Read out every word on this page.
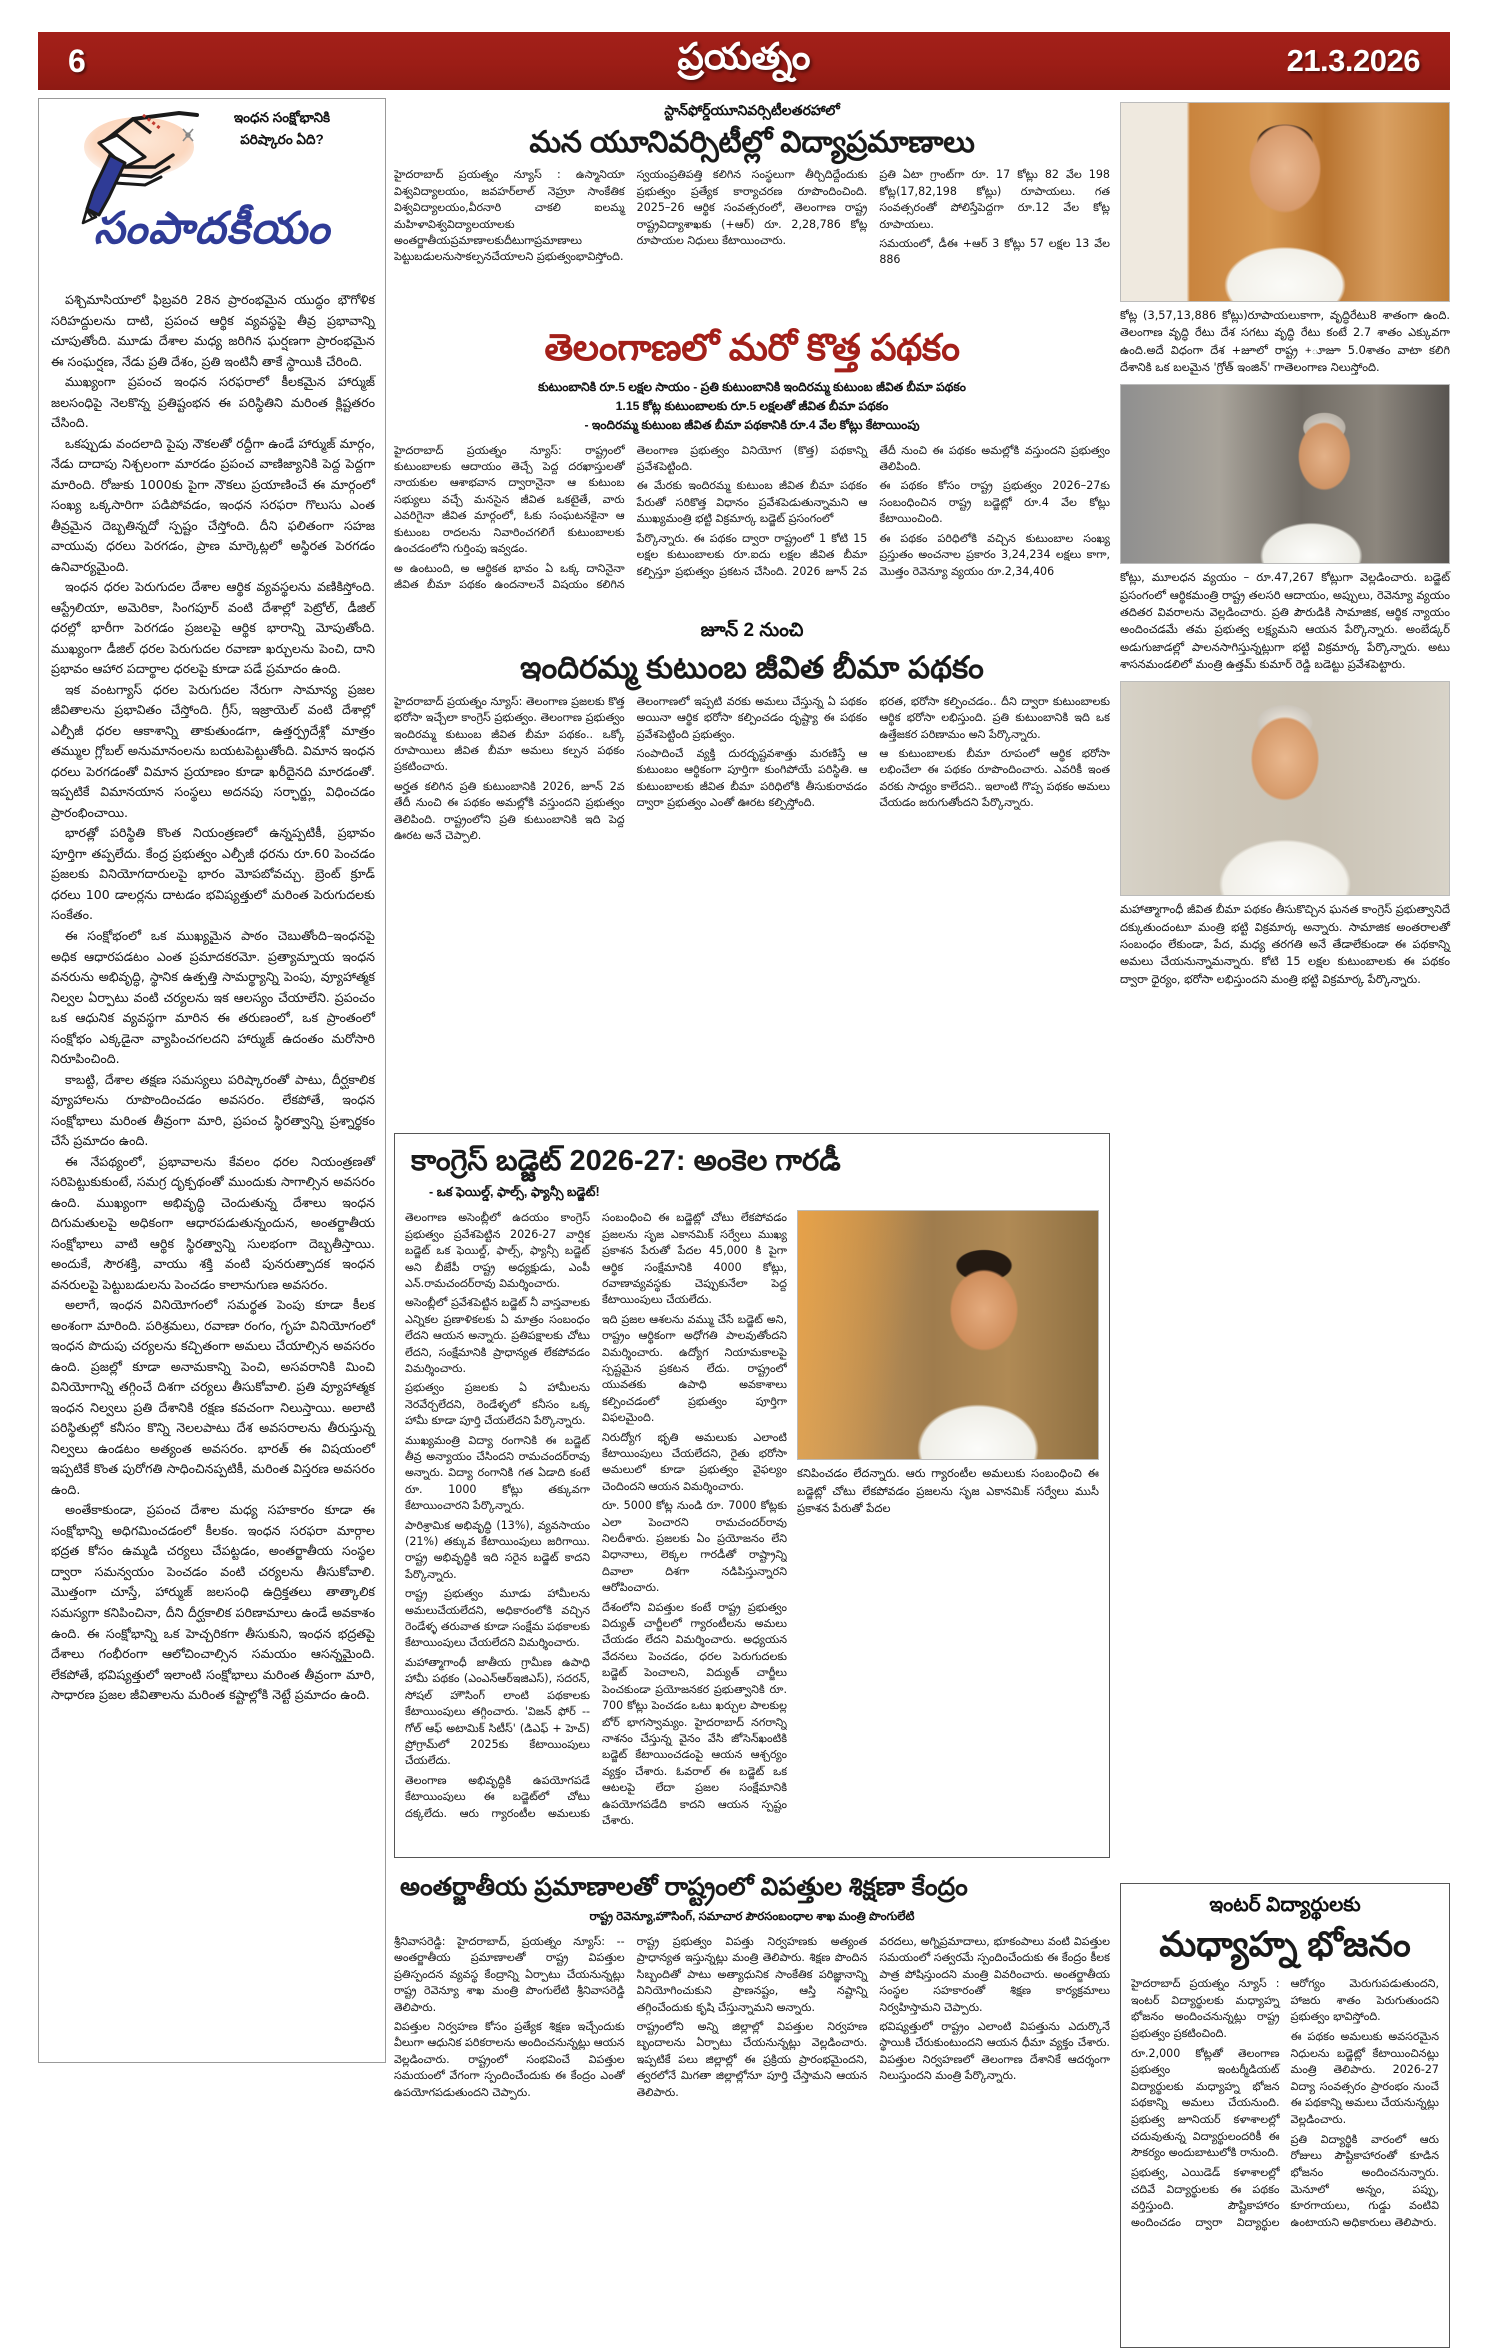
6	ప్రయత్నం	21.3.2026
ఇంధన సంక్షోభానికి
పరిష్కారం ఏది?
సంపాదకీయం

పశ్చిమాసియాలో ఫిబ్రవరి 28న ప్రారంభమైన యుద్ధం భౌగోళిక సరిహద్దులను దాటి, ప్రపంచ ఆర్థిక వ్యవస్థపై తీవ్ర ప్రభావాన్ని చూపుతోంది. మూడు దేశాల మధ్య జరిగిన ఘర్షణగా ప్రారంభమైన ఈ సంఘర్షణ, నేడు ప్రతి దేశం, ప్రతి ఇంటినీ తాకే స్థాయికి చేరింది.

ముఖ్యంగా ప్రపంచ ఇంధన సరఫరాలో కీలకమైన హార్ముజ్ జలసంధిపై నెలకొన్న ప్రతిష్టంభన ఈ పరిస్థితిని మరింత క్లిష్టతరం చేసింది.

ఒకప్పుడు వందలాది పైపు నౌకలతో రద్దీగా ఉండే హార్ముజ్ మార్గం, నేడు దాదాపు నిశ్చలంగా మారడం ప్రపంచ వాణిజ్యానికి పెద్ద పెద్దగా మారింది. రోజుకు 1000కు పైగా నౌకలు ప్రయాణించే ఈ మార్గంలో సంఖ్య ఒక్కసారిగా పడిపోవడం, ఇంధన సరఫరా గొలుసు ఎంత తీవ్రమైన దెబ్బతిన్నదో స్పష్టం చేస్తోంది. దీని ఫలితంగా సహజ వాయువు ధరలు పెరగడం, ప్రాణ మార్కెట్లలో అస్థిరత పెరగడం ఉనివార్యమైంది.

ఇంధన ధరల పెరుగుదల దేశాల ఆర్థిక వ్యవస్థలను వణికిస్తోంది. ఆస్ట్రేలియా, అమెరికా, సింగపూర్ వంటి దేశాల్లో పెట్రోల్, డీజిల్ ధరల్లో భారీగా పెరగడం ప్రజలపై ఆర్థిక భారాన్ని మోపుతోంది. ముఖ్యంగా డీజిల్ ధరల పెరుగుదల రవాణా ఖర్చులను పెంచి, దాని ప్రభావం ఆహార పదార్థాల ధరలపై కూడా పడే ప్రమాదం ఉంది.

ఇక వంటగ్యాస్ ధరల పెరుగుదల నేరుగా సామాన్య ప్రజల జీవితాలను ప్రభావితం చేస్తోంది. గ్రీస్, ఇజ్రాయెల్ వంటి దేశాల్లో ఎల్పీజీ ధరల ఆకాశాన్ని తాకుతుండగా, ఉత్తర్ప్రదేశ్లో మాత్రం తమ్ముల గ్లోబల్ అనుమానంలను బయటపెట్టుతోంది. విమాన ఇంధన ధరలు పెరగడంతో విమాన ప్రయాణం కూడా ఖరీదైనది మారడంతో. ఇప్పటికే విమానయాన సంస్థలు అదనపు సర్ఛార్జ్లు విధించడం ప్రారంభించాయి.

భారత్లో పరిస్థితి కొంత నియంత్రణలో ఉన్నప్పటికీ, ప్రభావం పూర్తిగా తప్పలేదు. కేంద్ర ప్రభుత్వం ఎల్పీజీ ధరను రూ.60 పెంచడం ప్రజలకు వినియోగదారులపై భారం మోపబోవచ్చు. బ్రెంట్ క్రూడ్ ధరలు 100 డాలర్లను దాటడం భవిష్యత్తులో మరింత పెరుగుదలకు సంకేతం.

ఈ సంక్షోభంలో ఒక ముఖ్యమైన పాఠం చెబుతోంది–ఇంధనపై అధిక ఆధారపడటం ఎంత ప్రమాదకరమో. ప్రత్యామ్నాయ ఇంధన వనరును అభివృద్ధి, స్థానిక ఉత్పత్తి సామర్థ్యాన్ని పెంపు, వ్యూహాత్మక నిల్వల ఏర్పాటు వంటి చర్యలను ఇక ఆలస్యం చేయాలేని. ప్రపంచం ఒక ఆధునిక వ్యవస్థగా మారిన ఈ తరుణంలో, ఒక ప్రాంతంలో సంక్షోభం ఎక్కడైనా వ్యాపించగలదని హార్ముజ్ ఉదంతం మరోసారి నిరూపించింది.

కాబట్టి, దేశాల తక్షణ సమస్యలు పరిష్కారంతో పాటు, దీర్ఘకాలిక వ్యూహాలను రూపొందించడం అవసరం. లేకపోతే, ఇంధన సంక్షోభాలు మరింత తీవ్రంగా మారి, ప్రపంచ స్థిరత్వాన్ని ప్రశ్నార్థకం చేసే ప్రమాదం ఉంది.

ఈ నేపథ్యంలో, ప్రభావాలను కేవలం ధరల నియంత్రణతో సరిపెట్టుకుకుంటే, సమగ్ర దృక్పథంతో ముందుకు సాగాల్సిన అవసరం ఉంది. ముఖ్యంగా అభివృద్ధి చెందుతున్న దేశాలు ఇంధన దిగుమతులపై అధికంగా ఆధారపడుతున్నందున, అంతర్జాతీయ సంక్షోభాలు వాటి ఆర్థిక స్థిరత్వాన్ని సులభంగా దెబ్బతీస్తాయి. అందుకే, సౌరశక్తి, వాయు శక్తి వంటి పునరుత్పాదక ఇంధన వనరులపై పెట్టుబడులను పెంచడం కాలానుగుణ అవసరం.

అలాగే, ఇంధన వినియోగంలో సమర్థత పెంపు కూడా కీలక అంశంగా మారింది. పరిశ్రమలు, రవాణా రంగం, గృహ వినియోగంలో ఇంధన పొదుపు చర్యలను కచ్చితంగా అమలు చేయాల్సిన అవసరం ఉంది. ప్రజల్లో కూడా అనామకాన్ని పెంచి, అసవరానికి మించి వినియోగాన్ని తగ్గించే దిశగా చర్యలు తీసుకోవాలి. ప్రతి వ్యూహాత్మక ఇంధన నిల్వలు ప్రతి దేశానికి రక్షణ కవచంగా నిలుస్తాయి. అలాటి పరిస్థితుల్లో కనీసం కొన్ని నెలలపాటు దేశ అవసరాలను తీరుస్తున్న నిల్వలు ఉండటం అత్యంత అవసరం. భారత్ ఈ విషయంలో ఇప్పటికే కొంత పురోగతి సాధించినప్పటికీ, మరింత విస్తరణ అవసరం ఉంది.

అంతేకాకుండా, ప్రపంచ దేశాల మధ్య సహకారం కూడా ఈ సంక్షోభాన్ని అధిగమించడంలో కీలకం. ఇంధన సరఫరా మార్గాల భద్రత కోసం ఉమ్మడి చర్యలు చేపట్టడం, అంతర్జాతీయ సంస్థల ద్వారా సమన్వయం పెంచడం వంటి చర్యలను తీసుకోవాలి. మొత్తంగా చూస్తే, హార్ముజ్ జలసంధి ఉద్రిక్తతలు తాత్కాలిక సమస్యగా కనిపించినా, దీని దీర్ఘకాలిక పరిణామాలు ఉండే అవకాశం ఉంది. ఈ సంక్షోభాన్ని ఒక హెచ్చరికగా తీసుకుని, ఇంధన భద్రతపై దేశాలు గంభీరంగా ఆలోచించాల్సిన సమయం ఆసన్నమైంది. లేకపోతే, భవిష్యత్తులో ఇలాంటి సంక్షోభాలు మరింత తీవ్రంగా మారి, సాధారణ ప్రజల జీవితాలను మరింత కష్టాల్లోకి నెట్టే ప్రమాదం ఉంది.

స్టాన్‌ఫోర్డ్‌యూనివర్సిటీలతరహాలో
మన యూనివర్సిటీల్లో విద్యాప్రమాణాలు

హైదరాబాద్ ప్రయత్నం న్యూస్ : ఉస్మానియా విశ్వవిద్యాలయం, జవహర్‌లాల్ నెహ్రూ సాంకేతిక విశ్వవిద్యాలయం,వీరనారి చాకలి ఐలమ్మ మహిళావిశ్వవిద్యాలయాలకు అంతర్జాతీయప్రమాణాలకుదీటుగాప్రమాణాలు పెట్టుబడులనుసాకల్పనచేయాలని ప్రభుత్వంభావిస్తోంది.

స్వయంప్రతిపత్తి కలిగిన సంస్థలుగా తీర్చిదిద్దేందుకు ప్రభుత్వం ప్రత్యేక కార్యాచరణ రూపొందించింది. 2025–26 ఆర్థిక సంవత్సరంలో, తెలంగాణ రాష్ట్ర రాష్ట్రవిద్యాశాఖకు (+ఆర్) రూ. 2,28,786 కోట్ల రూపాయల నిధులు కేటాయించారు.

ప్రతి ఏటా గ్రాంట్‌గా రూ. 17 కోట్లు 82 వేల 198 కోట్ల(17,82,198 కోట్లు) రూపాయలు. గత సంవత్సరంతో పోలిస్తేపెద్దగా రూ.12 వేల కోట్ల రూపాయలు.

సమయంలో, డీఈ +ఆర్ 3 కోట్లు 57 లక్షల 13 వేల 886

తెలంగాణలో మరో కొత్త పథకం
కుటుంబానికి రూ.5 లక్షల సాయం - ప్రతి కుటుంబానికి ఇందిరమ్మ కుటుంబ జీవిత బీమా పథకం
1.15 కోట్ల కుటుంబాలకు రూ.5 లక్షలతో జీవిత బీమా పథకం
- ఇందిరమ్మ కుటుంబ జీవిత బీమా పథకానికి రూ.4 వేల కోట్లు కేటాయింపు

హైదరాబాద్ ప్రయత్నం న్యూస్: రాష్ట్రంలో కుటుంబాలకు ఆదాయం తెచ్చే పెద్ద దరఖాస్తులతో నాయకుల ఆశాభవాన ద్వారానైనా ఆ కుటుంబ సభ్యులు వచ్చే మనసైన జీవిత ఒకటైతే, వారు ఎవరిగైనా జీవిత మార్గంలో, ఓకు సంఘటనకైనా ఆ కుటుంబ రాదలను నివారించగలిగే కుటుంబాలకు ఉంచడంలోని గుర్తింపు ఇవ్వడం.

అ ఉంటుంది, అ ఆర్థికత భావం ఏ ఒక్క దానినైనా జీవిత బీమా పథకం ఉందనాలనే విషయం కలిగిన తెలంగాణ ప్రభుత్వం వినియోగ (కొత్త) పథకాన్ని ప్రవేశపెట్టింది.

ఈ మేరకు ఇందిరమ్మ కుటుంబ జీవిత బీమా పథకం పేరుతో సరికొత్త విధానం ప్రవేశపెడుతున్నామని ఆ ముఖ్యమంత్రి భట్టి విక్రమార్క బడ్జెట్ ప్రసంగంలో

పేర్కొన్నారు. ఈ పథకం ద్వారా రాష్ట్రంలో 1 కోటి 15 లక్షల కుటుంబాలకు రూ.ఐదు లక్షల జీవిత బీమా కల్పిస్తూ ప్రభుత్వం ప్రకటన చేసింది. 2026 జూన్ 2వ తేదీ నుంచి ఈ పథకం అమల్లోకి వస్తుందని ప్రభుత్వం తెలిపింది.

ఈ పథకం కోసం రాష్ట్ర ప్రభుత్వం 2026–27కు సంబంధించిన రాష్ట్ర బడ్జెట్లో రూ.4 వేల కోట్లు కేటాయించింది.

ఈ పథకం పరిధిలోకి వచ్చిన కుటుంబాల సంఖ్య ప్రస్తుతం అంచనాల ప్రకారం 3,24,234 లక్షలు కాగా, మొత్తం రెవెన్యూ వ్యయం రూ.2,34,406

జూన్ 2 నుంచి
ఇందిరమ్మ కుటుంబ జీవిత బీమా పథకం

హైదరాబాద్ ప్రయత్నం న్యూస్: తెలంగాణ ప్రజలకు కొత్త భరోసా ఇచ్చేలా కాంగ్రెస్ ప్రభుత్వం. తెలంగాణ ప్రభుత్వం ఇందిరమ్మ కుటుంబ జీవిత బీమా పథకం.. ఒక్కో రూపాయిలు జీవిత బీమా అమలు కల్పన పథకం ప్రకటించారు.

అర్హత కలిగిన ప్రతి కుటుంబానికి 2026, జూన్ 2వ తేదీ నుంచి ఈ పథకం అమల్లోకి వస్తుందని ప్రభుత్వం తెలిపింది. రాష్ట్రంలోని ప్రతి కుటుంబానికి ఇది పెద్ద ఊరట అనే చెప్పాలి.

తెలంగాణలో ఇప్పటి వరకు అమలు చేస్తున్న ఏ పథకం అయినా ఆర్థిక భరోసా కల్పించడం దృష్ట్యా ఈ పథకం ప్రవేశపెట్టింది ప్రభుత్వం.

సంపాదించే వ్యక్తి దురదృష్టవశాత్తు మరణిస్తే ఆ కుటుంబం ఆర్థికంగా పూర్తిగా కుంగిపోయే పరిస్థితి. ఆ కుటుంబాలకు జీవిత బీమా పరిధిలోకి తీసుకురావడం ద్వారా ప్రభుత్వం ఎంతో ఊరట కల్పిస్తోంది.

భరత, భరోసా కల్పించడం.. దీని ద్వారా కుటుంబాలకు ఆర్థిక భరోసా లభిస్తుంది. ప్రతి కుటుంబానికి ఇది ఒక ఉత్తేజకర పరిణామం అని పేర్కొన్నారు.

ఆ కుటుంబాలకు బీమా రూపంలో ఆర్థిక భరోసా లభించేలా ఈ పథకం రూపొందించారు. ఎవరికీ ఇంత వరకు సాధ్యం కాలేదని.. ఇలాంటి గొప్ప పథకం అమలు చేయడం జరుగుతోందని పేర్కొన్నారు.

కోట్ల (3,57,13,886 కోట్లు)రూపాయలుకాగా, వృద్ధిరేటు8 శాతంగా ఉంది. తెలంగాణ వృద్ధి రేటు దేశ సగటు వృద్ధి రేటు కంటే 2.7 శాతం ఎక్కువగా ఉంది.అదే విధంగా దేశ +జూలో రాష్ట్ర +ూజూ 5.0శాతం వాటా కలిగి దేశానికి ఒక బలమైన 'గ్రోత్ ఇంజిన్' గాతెలంగాణ నిలుస్తోంది.
కోట్లు, మూలధన వ్యయం – రూ.47,267 కోట్లుగా వెల్లడించారు. బడ్జెట్ ప్రసంగంలో ఆర్థికమంత్రి రాష్ట్ర తలసరి ఆదాయం, అప్పులు, రెవెన్యూ వ్యయం తదితర వివరాలను వెల్లడించారు. ప్రతి పౌరుడికి సామాజిక, ఆర్థిక న్యాయం అందించడమే తమ ప్రభుత్వ లక్ష్యమని ఆయన పేర్కొన్నారు. అంబేడ్కర్ అడుగుజాడల్లో పాలనసాగిస్తున్నట్లుగా భట్టి విక్రమార్క పేర్కొన్నారు. అటు శాసనమండలిలో మంత్రి ఉత్తమ్ కుమార్ రెడ్డి బడెట్టు ప్రవేశపెట్టారు.
మహాత్మాగాంధీ జీవిత బీమా పథకం తీసుకొచ్చిన ఘనత కాంగ్రెస్ ప్రభుత్వానిదే దక్కుతుందంటూ మంత్రి భట్టి విక్రమార్క అన్నారు. సామాజిక అంతరాలతో సంబంధం లేకుండా, పేద, మధ్య తరగతి అనే తేడాలేకుండా ఈ పథకాన్ని అమలు చేయనున్నామన్నారు. కోటి 15 లక్షల కుటుంబాలకు ఈ పథకం ద్వారా ధైర్యం, భరోసా లభిస్తుందని మంత్రి భట్టి విక్రమార్క పేర్కొన్నారు.
కాంగ్రెస్ బడ్జెట్ 2026-27: అంకెల గారడీ
- ఒక ఫెయిల్డ్, ఫాల్స్, ఫ్యాన్సీ బడ్జెట్!
కనిపించడం లేదన్నారు. ఆరు గ్యారంటీల అమలుకు సంబంధించి ఈ బడ్జెట్లో చోటు లేకపోవడం ప్రజలను సృజ ఎకానమిక్ సర్వేలు ముసీ ప్రకాశన పేరుతో పేదల

తెలంగాణ అసెంబ్లీలో ఉదయం కాంగ్రెస్ ప్రభుత్వం ప్రవేశపెట్టిన 2026-27 వార్షిక బడ్జెట్ ఒక ఫెయిల్డ్, ఫాల్స్, ఫ్యాన్సీ బడ్జెట్ అని బీజేపీ రాష్ట్ర అధ్యక్షుడు, ఎంపీ ఎన్.రామచందర్‌రావు విమర్శించారు.

అసెంబ్లీలో ప్రవేశపెట్టిన బడ్జెట్ నీ వాస్తవాలకు ఎన్నికల ప్రణాళికలకు ఏ మాత్రం సంబంధం లేదని ఆయన అన్నారు. ప్రతిపక్షాలకు చోటు లేదని, సంక్షేమానికి ప్రాధాన్యత లేకపోవడం విమర్శించారు.

ప్రభుత్వం ప్రజలకు ఏ హామీలను నెరవేర్చలేదని, రెండేళ్ళలో కనీసం ఒక్క హామీ కూడా పూర్తి చేయలేదని పేర్కొన్నారు.

ముఖ్యమంత్రి విద్యా రంగానికి ఈ బడ్జెట్ తీవ్ర అన్యాయం చేసిందని రామచందర్‌రావు అన్నారు. విద్యా రంగానికి గత ఏడాది కంటే రూ. 1000 కోట్లు తక్కువగా కేటాయించారని పేర్కొన్నారు.

పారిశ్రామిక అభివృద్ధి (13%), వ్యవసాయం (21%) తక్కువ కేటాయింపులు జరిగాయి. రాష్ట్ర అభివృద్ధికి ఇది సరైన బడ్జెట్ కాదని పేర్కొన్నారు.

రాష్ట్ర ప్రభుత్వం మూడు హామీలను అమలుచేయలేదని, అధికారంలోకి వచ్చిన రెండేళ్ళ తరువాత కూడా సంక్షేమ పథకాలకు కేటాయింపులు చేయలేదని విమర్శించారు.

మహాత్మాగాంధీ జాతీయ గ్రామీణ ఉపాధి హామీ పథకం (ఎంఎన్ఆర్ఇజిఎస్), సదరన్, సోషల్ హౌసింగ్ లాంటి పథకాలకు కేటాయింపులు తగ్గించారు. 'విజన్ ఫోర్ -- గోల్ ఆఫ్ అటామిక్ సిటీస్' (డిఎఫ్ + హెచ్) ప్రోగ్రామ్‌లో 2025కు కేటాయింపులు చేయలేదు.

తెలంగాణ అభివృద్ధికి ఉపయోగపడే కేటాయింపులు ఈ బడ్జెట్‌లో చోటు దక్కలేదు. ఆరు గ్యారంటీల అమలుకు సంబంధించి ఈ బడ్జెట్లో చోటు లేకపోవడం ప్రజలను సృజ ఎకానమిక్ సర్వేలు ముఖ్య ప్రకాశన పేరుతో పేదల 45,000 కి పైగా ఆర్థిక సంక్షేమానికి 4000 కోట్లు, రవాణావ్యవస్థకు చెప్పుకునేలా పెద్ద కేటాయింపులు చేయలేదు.

ఇది ప్రజల ఆశలను వమ్ము చేసే బడ్జెట్ అని, రాష్ట్రం ఆర్థికంగా అధోగతి పాలవుతోందని విమర్శించారు. ఉద్యోగ నియామకాలపై స్పష్టమైన ప్రకటన లేదు. రాష్ట్రంలో యువతకు ఉపాధి అవకాశాలు కల్పించడంలో ప్రభుత్వం పూర్తిగా విఫలమైంది.

నిరుద్యోగ భృతి అమలుకు ఎలాంటి కేటాయింపులు చేయలేదని, రైతు భరోసా అమలులో కూడా ప్రభుత్వం వైఫల్యం చెందిందని ఆయన విమర్శించారు.

రూ. 5000 కోట్ల నుండి రూ. 7000 కోట్లకు ఎలా పెంచారని రామచందర్‌రావు నిలదీశారు. ప్రజలకు ఏం ప్రయోజనం లేని విధానాలు, లెక్కల గారడీతో రాష్ట్రాన్ని దివాలా దిశగా నడిపిస్తున్నారని ఆరోపించారు.

దేశంలోని విపత్తుల కంటే రాష్ట్ర ప్రభుత్వం విద్యుత్ చార్జీలలో గ్యారంటీలను అమలు చేయడం లేదని విమర్శించారు. అధ్యయన వేదనలు పెంచడం, ధరల పెరుగుదలకు బడ్జెట్ పెంచాలని, విద్యుత్ చార్జీలు పెంచకుండా ప్రయోజనకర ప్రభుత్వానికి రూ. 700 కోట్లు పెంచడం ఒటు ఖర్చుల పాలకుల్ల బోర్ భాగస్వామ్యం. హైదరాబాద్ నగరాన్ని నాశనం చేస్తున్న వైనం వేసి జోసెన్‌ఖంటికి బడ్జెట్ కేటాయించడంపై ఆయన ఆశ్చర్యం వ్యక్తం చేశారు. ఓవరాల్ ఈ బడ్జెట్ ఒక ఆటలపై లేదా ప్రజల సంక్షేమానికి ఉపయోగపడేది కాదని ఆయన స్పష్టం చేశారు.

అంతర్జాతీయ ప్రమాణాలతో రాష్ట్రంలో విపత్తుల శిక్షణా కేంద్రం
రాష్ట్ర రెవెన్యూ,హౌసింగ్, సమాచార పౌరసంబంధాల శాఖ మంత్రి పొంగులేటి

శ్రీనివాసరెడ్డి: హైదరాబాద్, ప్రయత్నం న్యూస్: -- అంతర్జాతీయ ప్రమాణాలతో రాష్ట్ర విపత్తుల ప్రతిస్పందన వ్యవస్థ కేంద్రాన్ని ఏర్పాటు చేయనున్నట్లు రాష్ట్ర రెవెన్యూ శాఖ మంత్రి పొంగులేటి శ్రీనివాసరెడ్డి తెలిపారు.

విపత్తుల నిర్వహణ కోసం ప్రత్యేక శిక్షణ ఇచ్చేందుకు వీలుగా ఆధునిక పరికరాలను అందించనున్నట్లు ఆయన వెల్లడించారు. రాష్ట్రంలో సంభవించే విపత్తుల సమయంలో వేగంగా స్పందించేందుకు ఈ కేంద్రం ఎంతో ఉపయోగపడుతుందని చెప్పారు.

రాష్ట్ర ప్రభుత్వం విపత్తు నిర్వహణకు అత్యంత ప్రాధాన్యత ఇస్తున్నట్లు మంత్రి తెలిపారు. శిక్షణ పొందిన సిబ్బందితో పాటు అత్యాధునిక సాంకేతిక పరిజ్ఞానాన్ని వినియోగించుకుని ప్రాణనష్టం, ఆస్తి నష్టాన్ని తగ్గించేందుకు కృషి చేస్తున్నామని అన్నారు.

రాష్ట్రంలోని అన్ని జిల్లాల్లో విపత్తుల నిర్వహణ బృందాలను ఏర్పాటు చేయనున్నట్లు వెల్లడించారు. ఇప్పటికే పలు జిల్లాల్లో ఈ ప్రక్రియ ప్రారంభమైందని, త్వరలోనే మిగతా జిల్లాల్లోనూ పూర్తి చేస్తామని ఆయన తెలిపారు.

వరదలు, అగ్నిప్రమాదాలు, భూకంపాలు వంటి విపత్తుల సమయంలో సత్వరమే స్పందించేందుకు ఈ కేంద్రం కీలక పాత్ర పోషిస్తుందని మంత్రి వివరించారు. అంతర్జాతీయ సంస్థల సహకారంతో శిక్షణ కార్యక్రమాలు నిర్వహిస్తామని చెప్పారు.

భవిష్యత్తులో రాష్ట్రం ఎలాంటి విపత్తును ఎదుర్కొనే స్థాయికి చేరుకుంటుందని ఆయన ధీమా వ్యక్తం చేశారు. విపత్తుల నిర్వహణలో తెలంగాణ దేశానికే ఆదర్శంగా నిలుస్తుందని మంత్రి పేర్కొన్నారు.

ఇంటర్ విద్యార్థులకు
మధ్యాహ్న భోజనం

హైదరాబాద్ ప్రయత్నం న్యూస్ : ఇంటర్ విద్యార్థులకు మధ్యాహ్న భోజనం అందించనున్నట్లు రాష్ట్ర ప్రభుత్వం ప్రకటించింది.

రూ.2,000 కోట్లతో తెలంగాణ ప్రభుత్వం ఇంటర్మీడియట్ విద్యార్థులకు మధ్యాహ్న భోజన పథకాన్ని అమలు చేయనుంది. ప్రభుత్వ జూనియర్ కళాశాలల్లో చదువుతున్న విద్యార్థులందరికీ ఈ సౌకర్యం అందుబాటులోకి రానుంది.

ప్రభుత్వ, ఎయిడెడ్ కళాశాలల్లో చదివే విద్యార్థులకు ఈ పథకం వర్తిస్తుంది. పౌష్టికాహారం అందించడం ద్వారా విద్యార్థుల ఆరోగ్యం మెరుగుపడుతుందని, హాజరు శాతం పెరుగుతుందని ప్రభుత్వం భావిస్తోంది.

ఈ పథకం అమలుకు అవసరమైన నిధులను బడ్జెట్లో కేటాయించినట్లు మంత్రి తెలిపారు. 2026-27 విద్యా సంవత్సరం ప్రారంభం నుంచే ఈ పథకాన్ని అమలు చేయనున్నట్లు వెల్లడించారు.

ప్రతి విద్యార్థికి వారంలో ఆరు రోజులు పౌష్టికాహారంతో కూడిన భోజనం అందించనున్నారు. మెనూలో అన్నం, పప్పు, కూరగాయలు, గుడ్డు వంటివి ఉంటాయని అధికారులు తెలిపారు.
